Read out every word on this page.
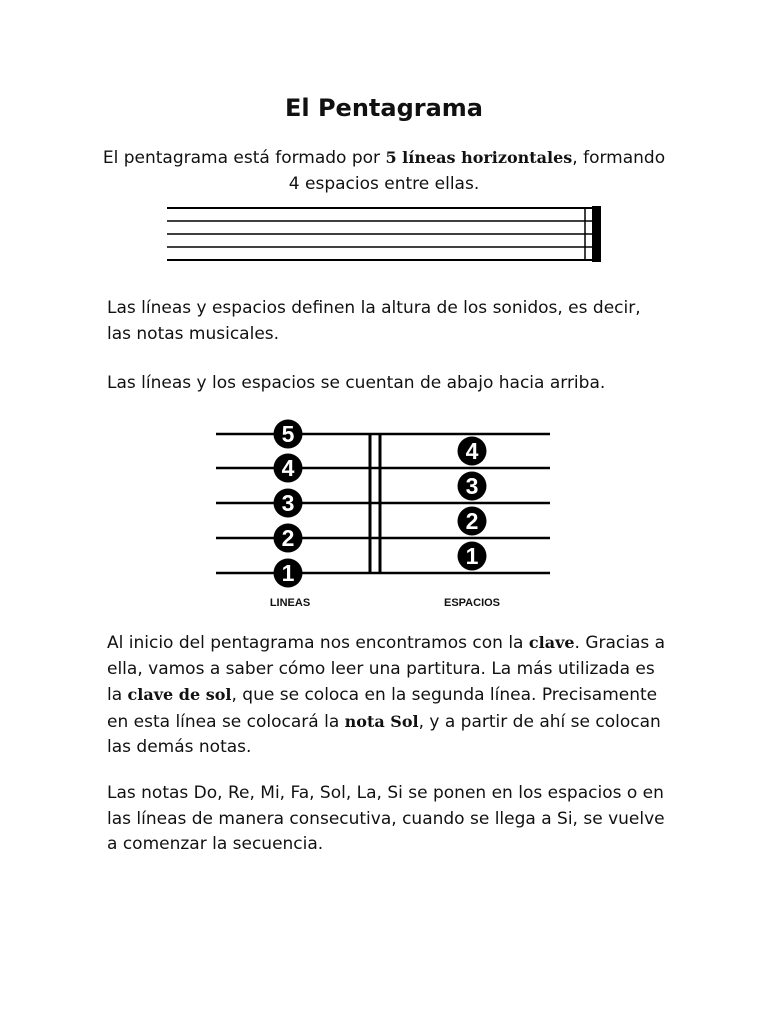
El Pentagrama

El pentagrama está formado por 5 líneas horizontales, formando 4 espacios entre ellas.

Las líneas y espacios definen la altura de los sonidos, es decir, las notas musicales.

Las líneas y los espacios se cuentan de abajo hacia arriba.

5
4
3
2
1
4
3
2
1
LINEAS	ESPACIOS

Al inicio del pentagrama nos encontramos con la clave. Gracias a ella, vamos a saber cómo leer una partitura. La más utilizada es la clave de sol, que se coloca en la segunda línea. Precisamente en esta línea se colocará la nota Sol, y a partir de ahí se colocan las demás notas.

Las notas Do, Re, Mi, Fa, Sol, La, Si se ponen en los espacios o en las líneas de manera consecutiva, cuando se llega a Si, se vuelve a comenzar la secuencia.
